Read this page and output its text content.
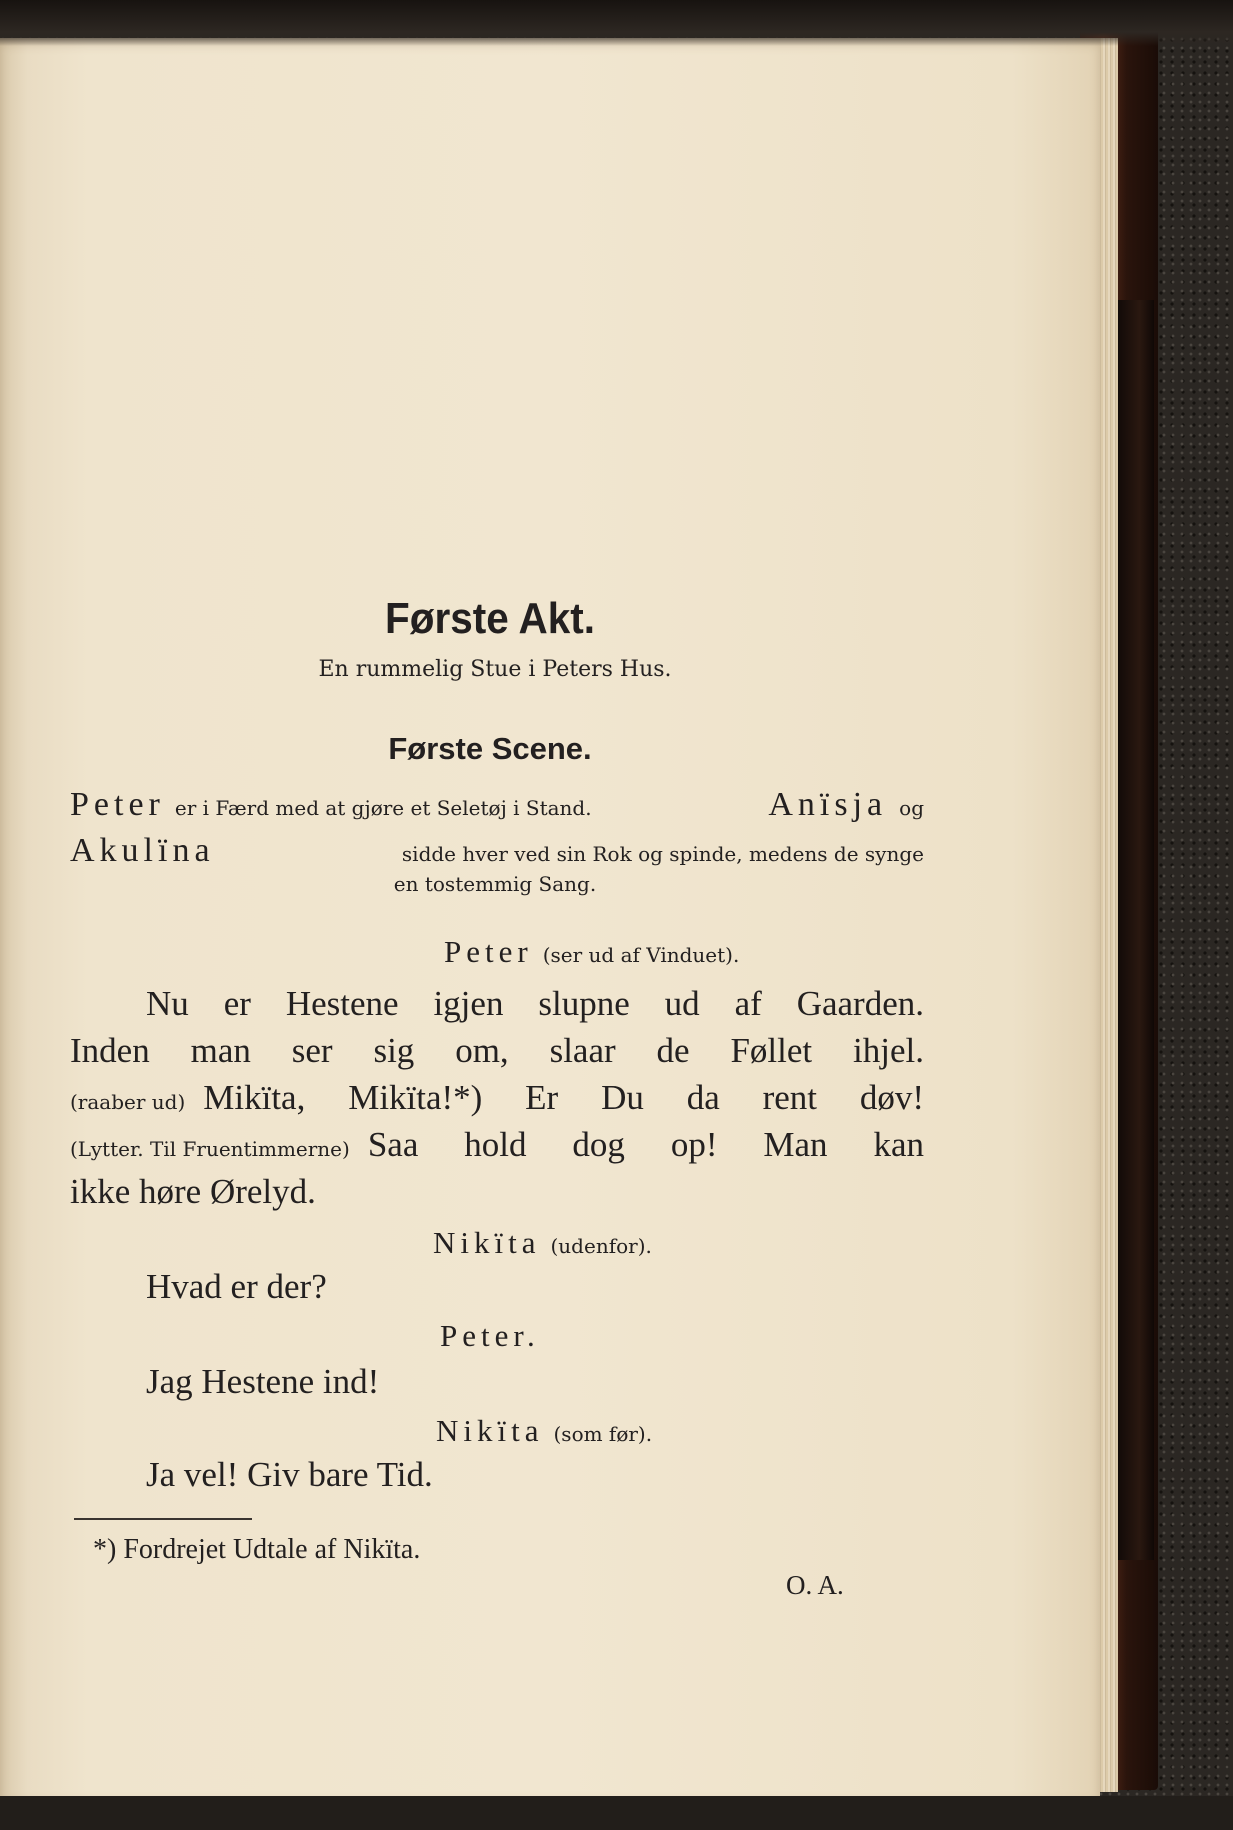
Første Akt.
En rummelig Stue i Peters Hus.
Første Scene.
Peter er i Færd med at gjøre et Seletøj i Stand.	Anïsja og
Akulïna	sidde hver ved sin Rok og spinde, medens de synge
en tostemmig Sang.
Peter (ser ud af Vinduet).
Nu er Hestene igjen slupne ud af Gaarden.
Inden man ser sig om, slaar de Føllet ihjel.
(raaber ud) Mikïta, Mikïta!*) Er Du da rent døv!
(Lytter. Til Fruentimmerne) Saa hold dog op! Man kan
ikke høre Ørelyd.
Nikïta (udenfor).
Hvad er der?
Peter.
Jag Hestene ind!
Nikïta (som før).
Ja vel! Giv bare Tid.
*) Fordrejet Udtale af Nikïta.
O. A.
